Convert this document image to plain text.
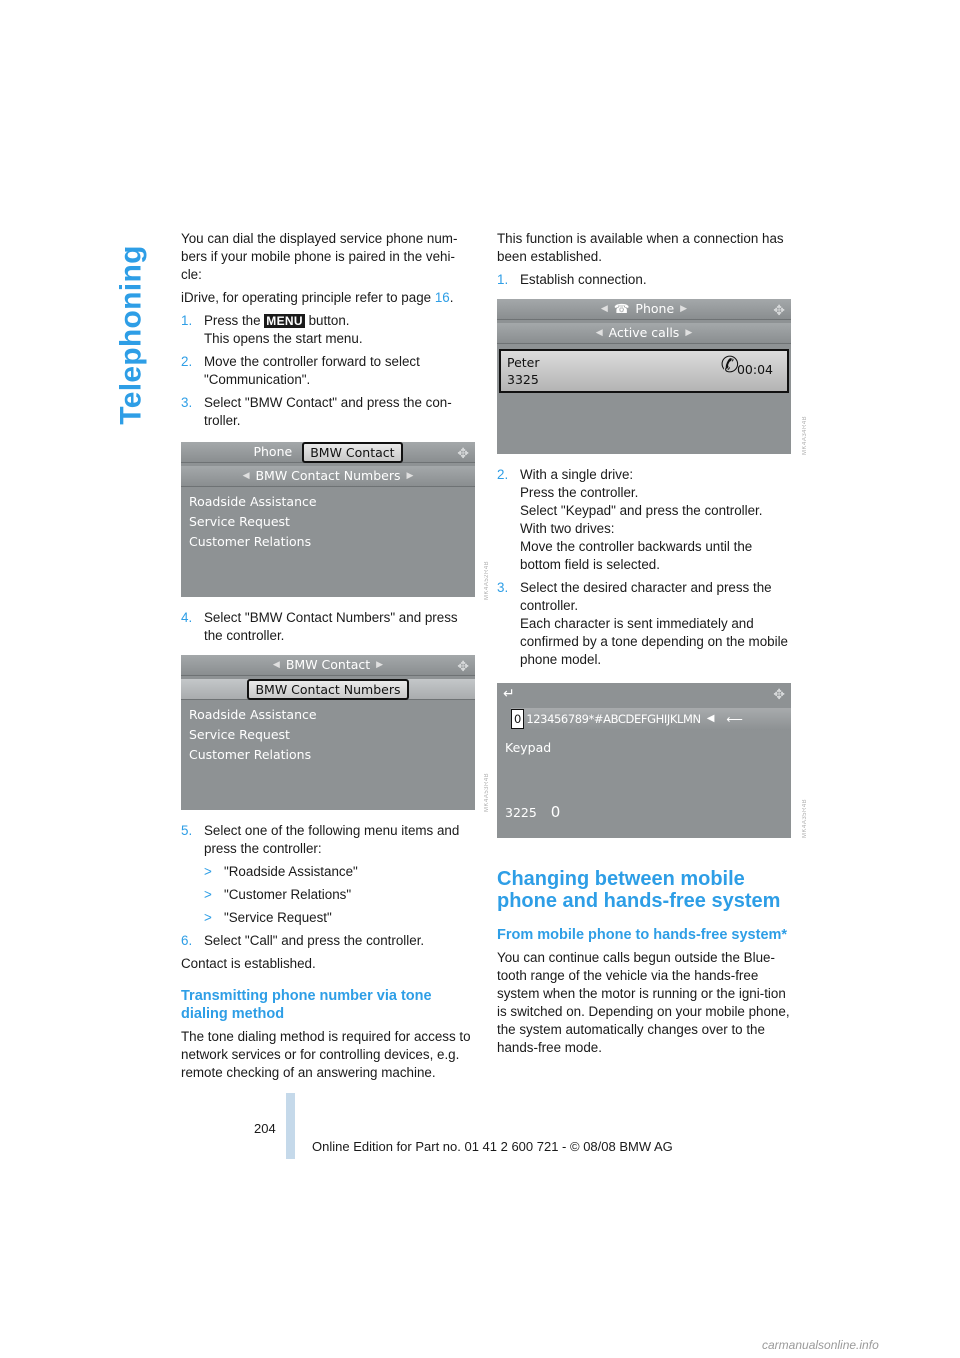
Telephoning

You can dial the displayed service phone num-bers if your mobile phone is paired in the vehi-cle:

iDrive, for operating principle refer to page 16.

1. Press the MENU button.
This opens the start menu.
2. Move the controller forward to select "Communication".
3. Select "BMW Contact" and press the con-troller.
Phone	BMW Contact	✥
◀ BMW Contact Numbers ▶
Roadside Assistance
Service Request
Customer Relations
4. Select "BMW Contact Numbers" and press the controller.
◀ BMW Contact ▶	✥
BMW Contact Numbers
Roadside Assistance
Service Request
Customer Relations
5. Select one of the following menu items and press the controller:
> "Roadside Assistance"
> "Customer Relations"
> "Service Request"
6. Select "Call" and press the controller.

Contact is established.

Transmitting phone number via tone dialing method

The tone dialing method is required for access to network services or for controlling devices, e.g. remote checking of an answering machine.

MK4A52R4B
MK4A53R4B

This function is available when a connection has been established.

1. Establish connection.
◀ ☎ Phone ▶	✥
◀ Active calls ▶
Peter
3325
✆
00:04
2. With a single drive:
Press the controller.
Select "Keypad" and press the controller.
With two drives:
Move the controller backwards until the bottom field is selected.
3. Select the desired character and press the controller.
Each character is sent immediately and confirmed by a tone depending on the mobile phone model.
↵	✥
0 123456789*#ABCDEFGHIJKLMN ◀ ⟵
Keypad
3225 0
Changing between mobile phone and hands-free system
From mobile phone to hands-free system*

You can continue calls begun outside the Blue-tooth range of the vehicle via the hands-free system when the motor is running or the igni-tion is switched on. Depending on your mobile phone, the system automatically changes over to the hands-free mode.

MK4A34R4B
MK4A35R4B
204
Online Edition for Part no. 01 41 2 600 721 - © 08/08 BMW AG
carmanualsonline.info
